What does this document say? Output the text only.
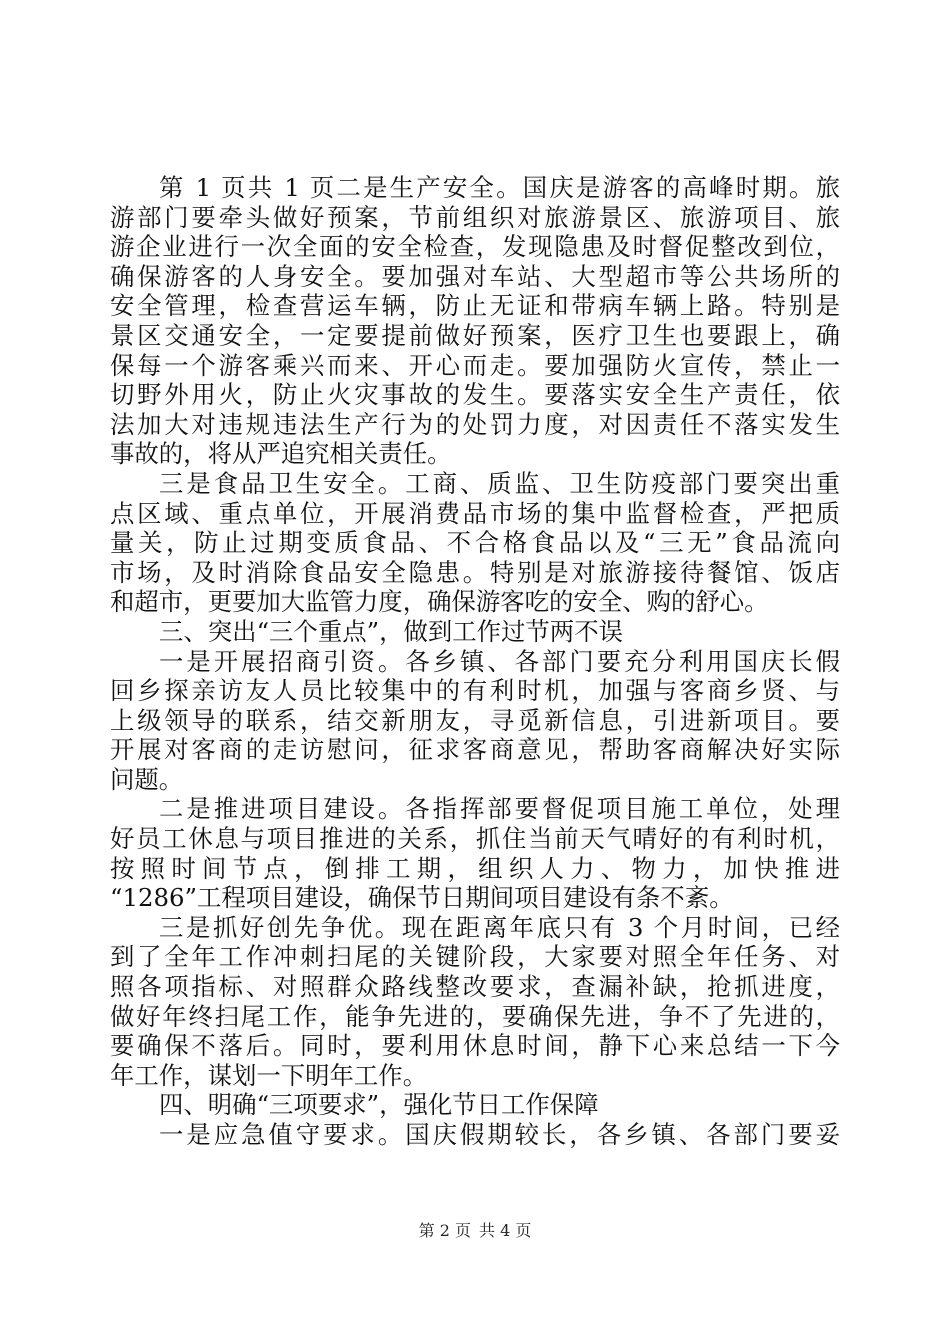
第 1 页共 1 页二是生产安全。国庆是游客的高峰时期。旅
游部门要牵头做好预案，节前组织对旅游景区、旅游项目、旅
游企业进行一次全面的安全检查，发现隐患及时督促整改到位，
确保游客的人身安全。要加强对车站、大型超市等公共场所的
安全管理，检查营运车辆，防止无证和带病车辆上路。特别是
景区交通安全，一定要提前做好预案，医疗卫生也要跟上，确
保每一个游客乘兴而来、开心而走。要加强防火宣传，禁止一
切野外用火，防止火灾事故的发生。要落实安全生产责任，依
法加大对违规违法生产行为的处罚力度，对因责任不落实发生
事故的，将从严追究相关责任。
三是食品卫生安全。工商、质监、卫生防疫部门要突出重
点区域、重点单位，开展消费品市场的集中监督检查，严把质
量关，防止过期变质食品、不合格食品以及“三无”食品流向
市场，及时消除食品安全隐患。特别是对旅游接待餐馆、饭店
和超市，更要加大监管力度，确保游客吃的安全、购的舒心。
三、突出“三个重点”，做到工作过节两不误
一是开展招商引资。各乡镇、各部门要充分利用国庆长假
回乡探亲访友人员比较集中的有利时机，加强与客商乡贤、与
上级领导的联系，结交新朋友，寻觅新信息，引进新项目。要
开展对客商的走访慰问，征求客商意见，帮助客商解决好实际
问题。
二是推进项目建设。各指挥部要督促项目施工单位，处理
好员工休息与项目推进的关系，抓住当前天气晴好的有利时机，
按照时间节点，倒排工期，组织人力、物力，加快推进
“1286”工程项目建设，确保节日期间项目建设有条不紊。
三是抓好创先争优。现在距离年底只有 3 个月时间，已经
到了全年工作冲刺扫尾的关键阶段，大家要对照全年任务、对
照各项指标、对照群众路线整改要求，查漏补缺，抢抓进度，
做好年终扫尾工作，能争先进的，要确保先进，争不了先进的，
要确保不落后。同时，要利用休息时间，静下心来总结一下今
年工作，谋划一下明年工作。
四、明确“三项要求”，强化节日工作保障
一是应急值守要求。国庆假期较长，各乡镇、各部门要妥
第 2 页 共 4 页
